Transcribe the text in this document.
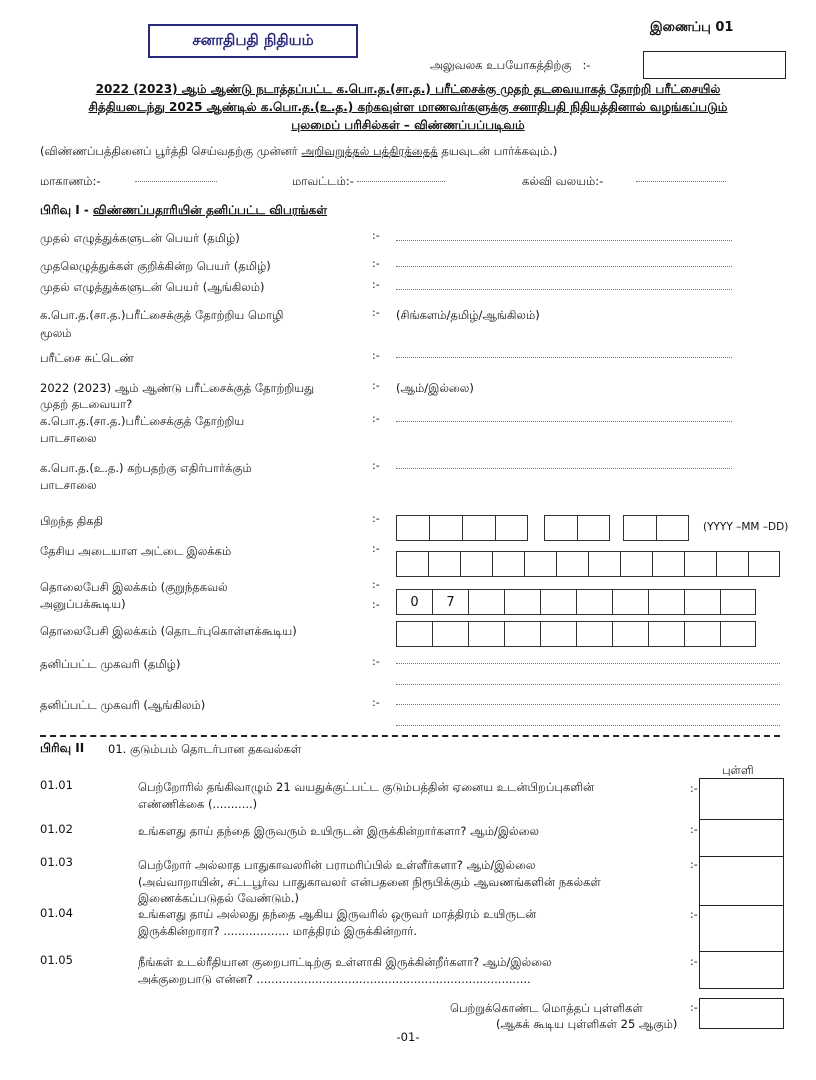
சனாதிபதி நிதியம்
இணைப்பு 01
அலுவலக உபயோகத்திற்கு :-
2022 (2023) ஆம் ஆண்டு நடாத்தப்பட்ட க.பொ.த.(சா.த.) பரீட்சைக்கு முதற் தடவையாகத் தோற்றி பரீட்சையில்
சித்தியடைந்து 2025 ஆண்டில் க.பொ.த.(உ.த.) கற்கவுள்ள மாணவர்களுக்கு சனாதிபதி நிதியத்தினால் வழங்கப்படும்
புலமைப் பரிசில்கள் – விண்ணப்பப்படிவம்
(விண்ணப்பத்தினைப் பூர்த்தி செய்வதற்கு முன்னர் அறிவுறுத்தல் பத்திரத்தைத் தயவுடன் பார்க்கவும்.)
மாகாணம்:-	மாவட்டம்:-	கல்வி வலயம்:-
பிரிவு I - விண்ணப்பதாரியின் தனிப்பட்ட விபரங்கள்
முதல் எழுத்துக்களுடன் பெயர் (தமிழ்)	:-
முதலெழுத்துக்கள் குறிக்கின்ற பெயர் (தமிழ்)	:-
முதல் எழுத்துக்களுடன் பெயர் (ஆங்கிலம்)	:-
க.பொ.த.(சா.த.)பரீட்சைக்குத் தோற்றிய மொழி
மூலம்
:- (சிங்களம்/தமிழ்/ஆங்கிலம்)
பரீட்சை சுட்டெண்	:-
2022 (2023) ஆம் ஆண்டு பரீட்சைக்குத் தோற்றியது
முதற் தடவையா?
:- (ஆம்/இல்லை)
க.பொ.த.(சா.த.)பரீட்சைக்குத் தோற்றிய
பாடசாலை
:-
க.பொ.த.(உ.த.) கற்பதற்கு எதிர்பார்க்கும்
பாடசாலை
:-
பிறந்த திகதி	:-
(YYYY –MM –DD)
தேசிய அடையாள அட்டை இலக்கம்	:-
தொலைபேசி இலக்கம் (குறுந்தகவல்
அனுப்பக்கூடிய)
:-
:-	0	7
தொலைபேசி இலக்கம் (தொடர்புகொள்ளக்கூடிய)
தனிப்பட்ட முகவரி (தமிழ்)	:-
தனிப்பட்ட முகவரி (ஆங்கிலம்)	:-
பிரிவு II 01. குடும்பம் தொடர்பான தகவல்கள்
புள்ளி
01.01	பெற்றோரில் தங்கிவாழும் 21 வயதுக்குட்பட்ட குடும்பத்தின் ஏனைய உடன்பிறப்புகளின்
எண்ணிக்கை (...........)
:-
01.02	உங்களது தாய் தந்தை இருவரும் உயிருடன் இருக்கின்றார்களா? ஆம்/இல்லை	:-
01.03	பெற்றோர் அல்லாத பாதுகாவலரின் பராமரிப்பில் உள்ளீர்களா? ஆம்/இல்லை
(அவ்வாறாயின், சட்டபூர்வ பாதுகாவலர் என்பதனை நிரூபிக்கும் ஆவணங்களின் நகல்கள்
இணைக்கப்படுதல் வேண்டும்.)
:-
01.04	உங்களது தாய் அல்லது தந்தை ஆகிய இருவரில் ஒருவர் மாத்திரம் உயிருடன்
இருக்கின்றாரா? .................. மாத்திரம் இருக்கின்றார்.
:-
01.05	நீங்கள் உடல்ரீதியான குறைபாட்டிற்கு உள்ளாகி இருக்கின்றீர்களா? ஆம்/இல்லை
அக்குறைபாடு என்ன? ...........................................................................
:-
பெற்றுக்கொண்ட மொத்தப் புள்ளிகள்
(ஆகக் கூடிய புள்ளிகள் 25 ஆகும்)
:-
-01-
